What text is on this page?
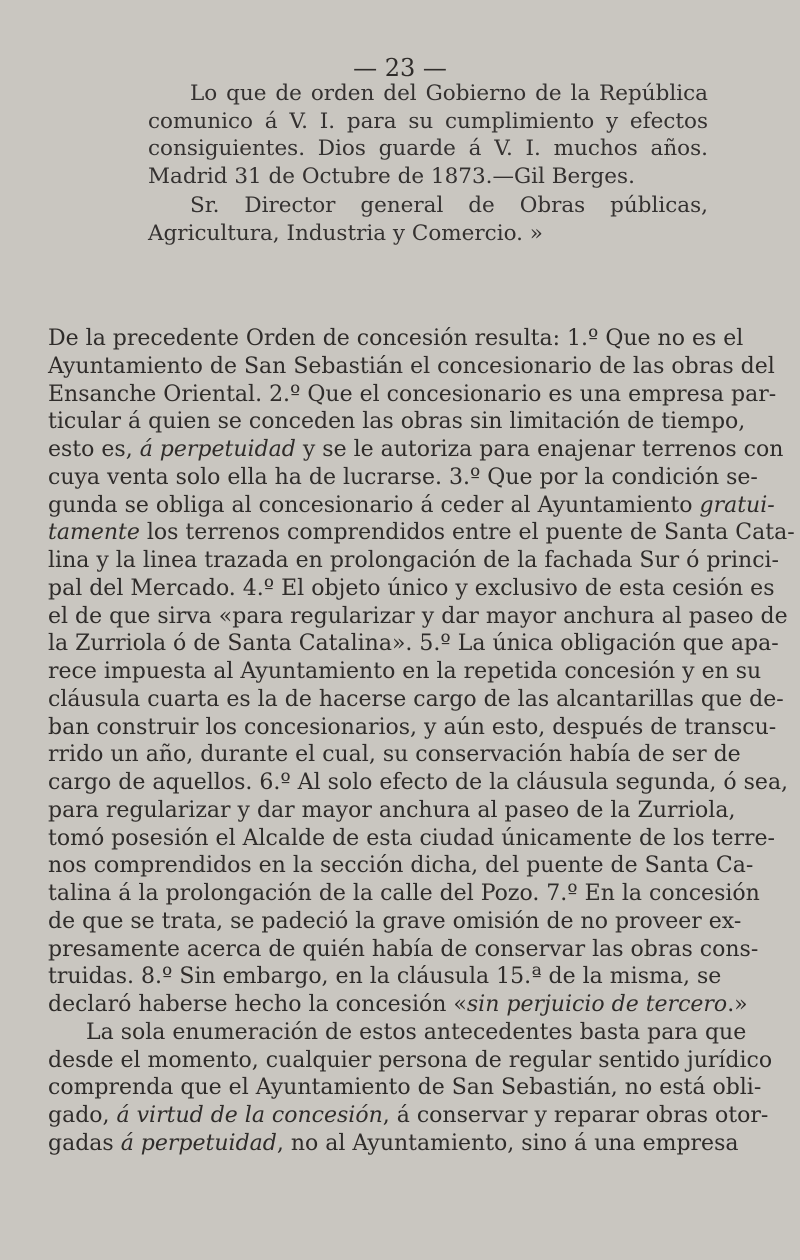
— 23 —

Lo que de orden del Gobierno de la República comunico á V. I. para su cumplimiento y efectos consiguientes. Dios guarde á V. I. muchos años. Madrid 31 de Octubre de 1873.—Gil Berges.

Sr. Director general de Obras públicas, Agricultura, Industria y Comercio. »

De la precedente Orden de concesión resulta: 1.º Que no es el
Ayuntamiento de San Sebastián el concesionario de las obras del
Ensanche Oriental. 2.º Que el concesionario es una empresa par-
ticular á quien se conceden las obras sin limitación de tiempo,
esto es, á perpetuidad y se le autoriza para enajenar terrenos con
cuya venta solo ella ha de lucrarse. 3.º Que por la condición se-
gunda se obliga al concesionario á ceder al Ayuntamiento gratui-
tamente los terrenos comprendidos entre el puente de Santa Cata-
lina y la linea trazada en prolongación de la fachada Sur ó princi-
pal del Mercado. 4.º El objeto único y exclusivo de esta cesión es
el de que sirva «para regularizar y dar mayor anchura al paseo de
la Zurriola ó de Santa Catalina». 5.º La única obligación que apa-
rece impuesta al Ayuntamiento en la repetida concesión y en su
cláusula cuarta es la de hacerse cargo de las alcantarillas que de-
ban construir los concesionarios, y aún esto, después de transcu-
rrido un año, durante el cual, su conservación había de ser de
cargo de aquellos. 6.º Al solo efecto de la cláusula segunda, ó sea,
para regularizar y dar mayor anchura al paseo de la Zurriola,
tomó posesión el Alcalde de esta ciudad únicamente de los terre-
nos comprendidos en la sección dicha, del puente de Santa Ca-
talina á la prolongación de la calle del Pozo. 7.º En la concesión
de que se trata, se padeció la grave omisión de no proveer ex-
presamente acerca de quién había de conservar las obras cons-
truidas. 8.º Sin embargo, en la cláusula 15.ª de la misma, se
declaró haberse hecho la concesión «sin perjuicio de tercero.»
La sola enumeración de estos antecedentes basta para que
desde el momento, cualquier persona de regular sentido jurídico
comprenda que el Ayuntamiento de San Sebastián, no está obli-
gado, á virtud de la concesión, á conservar y reparar obras otor-
gadas á perpetuidad, no al Ayuntamiento, sino á una empresa
